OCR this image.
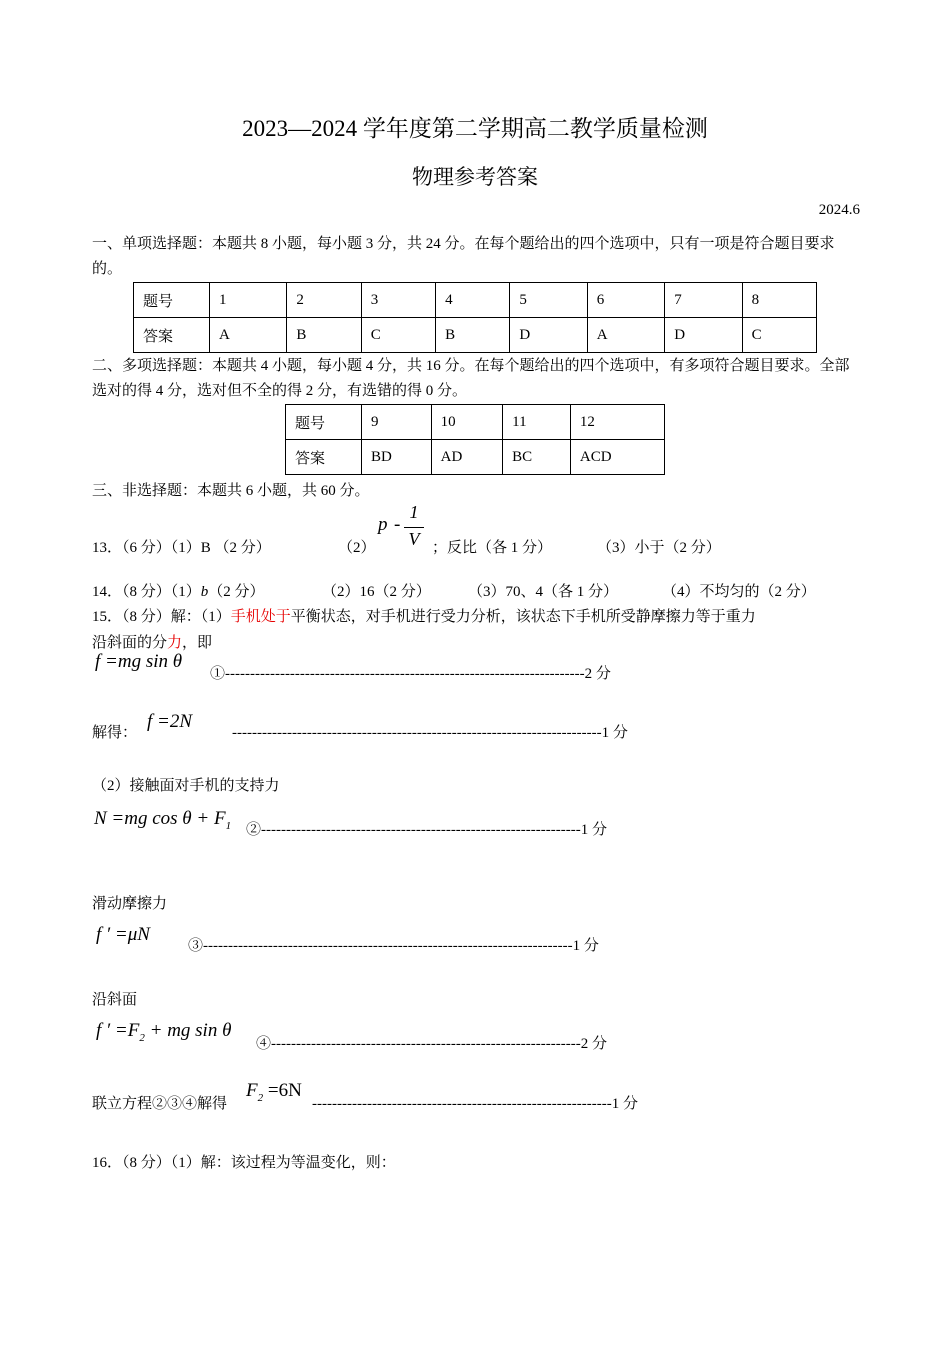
2023—2024 学年度第二学期高二教学质量检测
物理参考答案
2024.6
一、单项选择题：本题共 8 小题，每小题 3 分，共 24 分。在每个题给出的四个选项中，只有一项是符合题目要求的。
题号	1	2	3	4	5	6	7	8
答案	A	B	C	B	D	A	D	C
二、多项选择题：本题共 4 小题，每小题 4 分，共 16 分。在每个题给出的四个选项中，有多项符合题目要求。全部选对的得 4 分，选对但不全的得 2 分，有选错的得 0 分。
题号	9	10	11	12
答案	BD	AD	BC	ACD
三、非选择题：本题共 6 小题，共 60 分。
13．（6 分）（1）B （2 分）	（2）
p -
1
V ；反比（各 1 分）	（3）小于（2 分）
14．（8 分）（1）b（2 分）	（2）16（2 分） （3）70、4（各 1 分）	（4）不均匀的（2 分）
15．（8 分）解：（1）手机处于平衡状态，对手机进行受力分析，该状态下手机所受静摩擦力等于重力
沿斜面的分力，即
f =mg sin θ
①------------------------------------------------------------------------2 分
解得：
f =2N
--------------------------------------------------------------------------1 分
（2）接触面对手机的支持力
N =mg $\cos \theta + F_1$ ②----------------------------------------------------------------1 分
滑动摩擦力
f ′ =μN
③--------------------------------------------------------------------------1 分
沿斜面
f ′ $=F_2$ + mg sin θ
④--------------------------------------------------------------2 分
联立方程②③④解得
$F_2 =6N$
------------------------------------------------------------1 分
16．（8 分）（1）解：该过程为等温变化，则：
